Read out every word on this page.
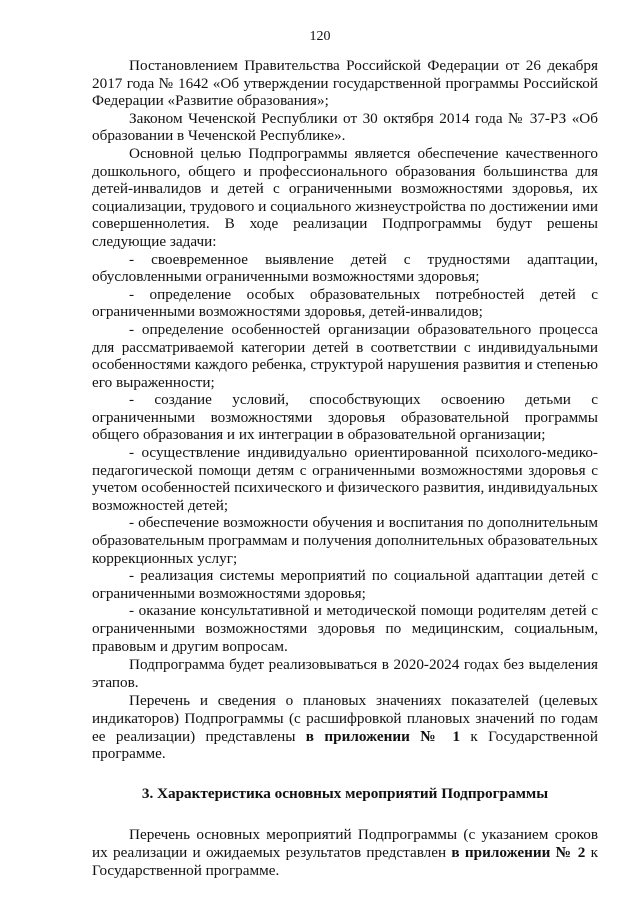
120

Постановлением Правительства Российской Федерации от 26 декабря 2017 года № 1642 «Об утверждении государственной программы Российской Федерации «Развитие образования»;

Законом Чеченской Республики от 30 октября 2014 года № 37-РЗ «Об образовании в Чеченской Республике».

Основной целью Подпрограммы является обеспечение качественного дошкольного, общего и профессионального образования большинства для детей-инвалидов и детей с ограниченными возможностями здоровья, их социализации, трудового и социального жизнеустройства по достижении ими совершеннолетия. В ходе реализации Подпрограммы будут решены следующие задачи:

- своевременное выявление детей с трудностями адаптации, обусловленными ограниченными возможностями здоровья;

- определение особых образовательных потребностей детей с ограниченными возможностями здоровья, детей-инвалидов;

- определение особенностей организации образовательного процесса для рассматриваемой категории детей в соответствии с индивидуальными особенностями каждого ребенка, структурой нарушения развития и степенью его выраженности;

- создание условий, способствующих освоению детьми с ограниченными возможностями здоровья образовательной программы общего образования и их интеграции в образовательной организации;

- осуществление индивидуально ориентированной психолого-медико-педагогической помощи детям с ограниченными возможностями здоровья с учетом особенностей психического и физического развития, индивидуальных возможностей детей;

- обеспечение возможности обучения и воспитания по дополнительным образовательным программам и получения дополнительных образовательных коррекционных услуг;

- реализация системы мероприятий по социальной адаптации детей с ограниченными возможностями здоровья;

- оказание консультативной и методической помощи родителям детей с ограниченными возможностями здоровья по медицинским, социальным, правовым и другим вопросам.

Подпрограмма будет реализовываться в 2020-2024 годах без выделения этапов.

Перечень и сведения о плановых значениях показателей (целевых индикаторов) Подпрограммы (с расшифровкой плановых значений по годам ее реализации) представлены в приложении № 1 к Государственной программе.

3. Характеристика основных мероприятий Подпрограммы

Перечень основных мероприятий Подпрограммы (с указанием сроков их реализации и ожидаемых результатов представлен в приложении № 2 к Государственной программе.
